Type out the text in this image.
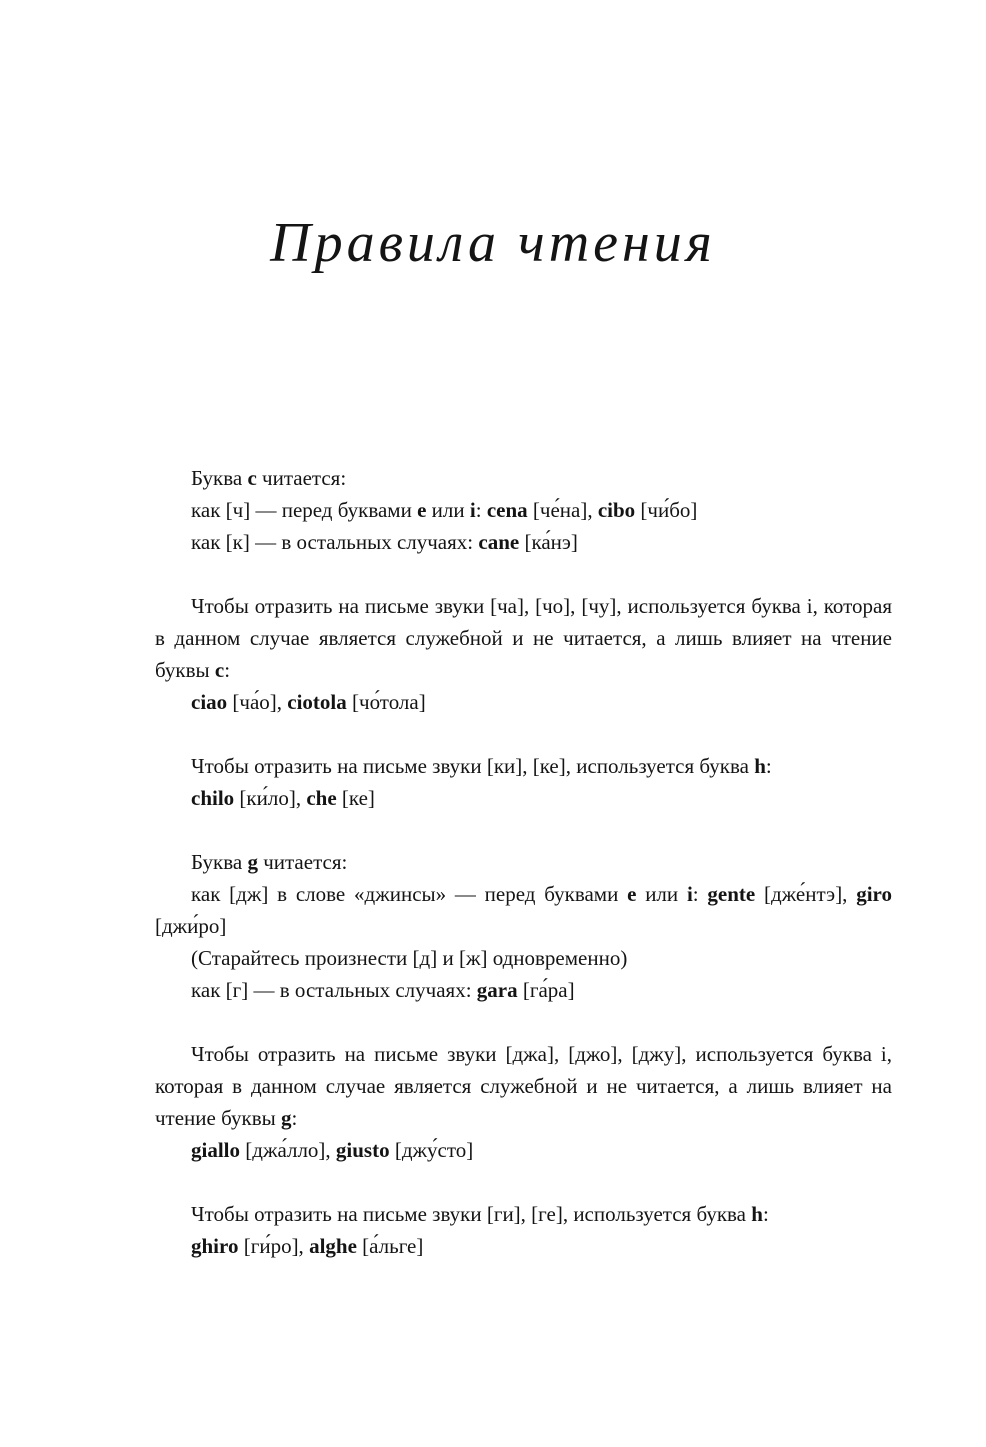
Правила чтения

Буква c читается:

как [ч] — перед буквами e или i: cena [че́на], cibo [чи́бо]

как [к] — в остальных случаях: cane [ка́нэ]

Чтобы отразить на письме звуки [ча], [чо], [чу], используется буква i, которая в данном случае является служебной и не читается, а лишь влияет на чтение буквы c:

ciao [ча́о], ciotola [чо́тола]

Чтобы отразить на письме звуки [ки], [ке], используется буква h:

chilo [ки́ло], che [ке]

Буква g читается:

как [дж] в слове «джинсы» — перед буквами e или i: gente [дже́нтэ], giro [джи́ро]

(Старайтесь произнести [д] и [ж] одновременно)

как [г] — в остальных случаях: gara [га́ра]

Чтобы отразить на письме звуки [джа], [джо], [джу], используется буква i, которая в данном случае является служебной и не читается, а лишь влияет на чтение буквы g:

giallo [джа́лло], giusto [джу́сто]

Чтобы отразить на письме звуки [ги], [ге], используется буква h:

ghiro [ги́ро], alghe [а́льге]
